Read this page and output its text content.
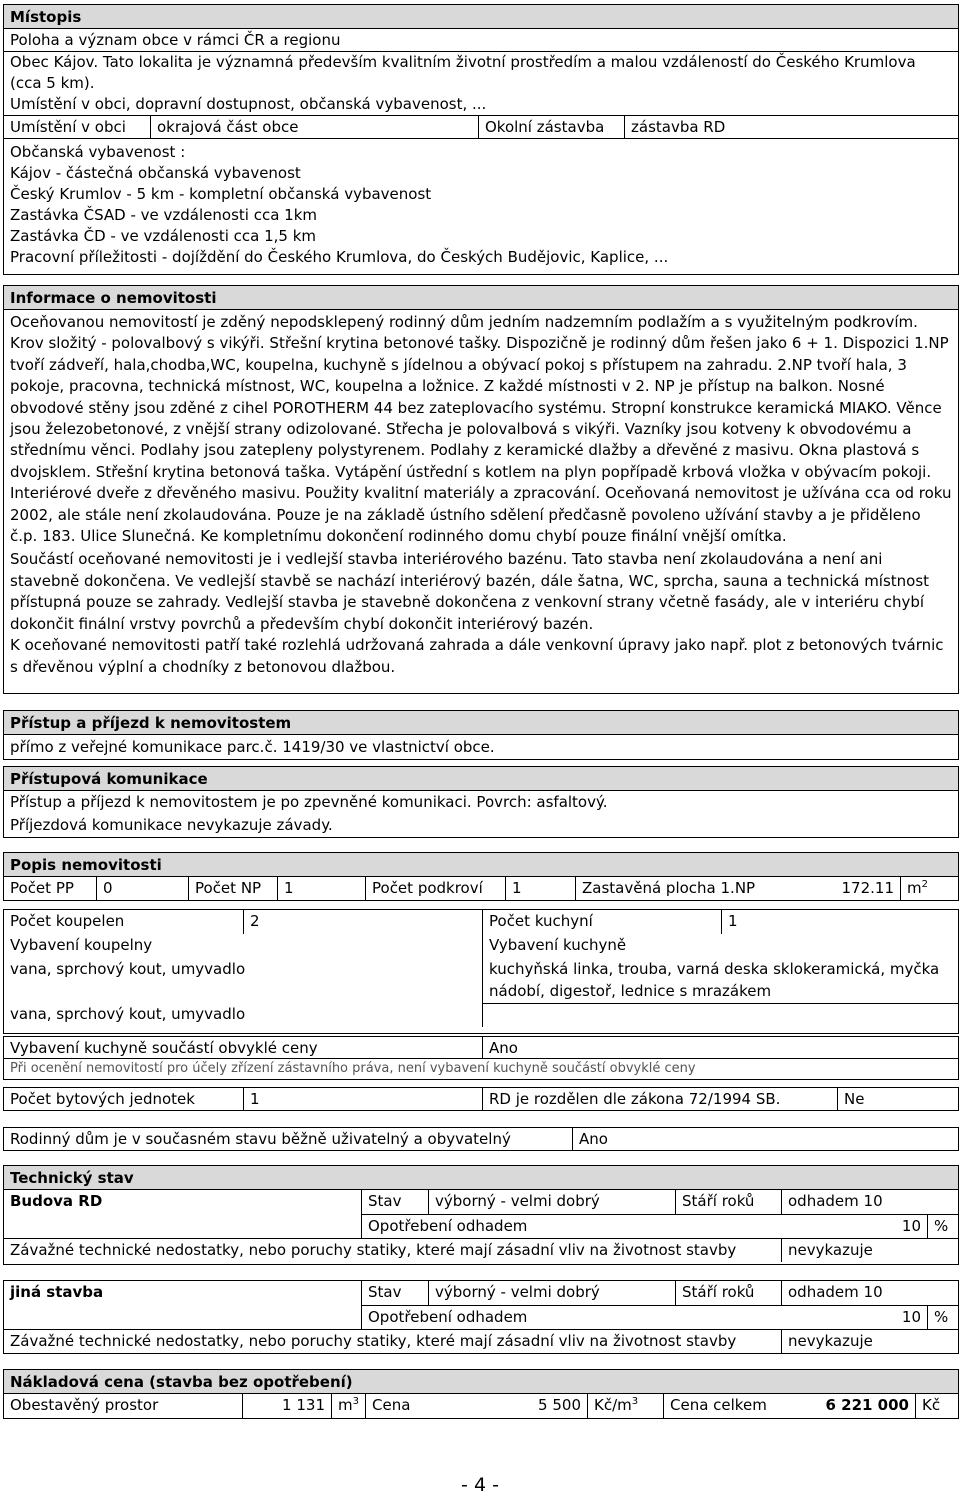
Místopis
Poloha a význam obce v rámci ČR a regionu
Obec Kájov. Tato lokalita je významná především kvalitním životní prostředím a malou vzdáleností do Českého Krumlova
(cca 5 km).
Umístění v obci, dopravní dostupnost, občanská vybavenost, ...
Umístění v obci	okrajová část obce	Okolní zástavba	zástavba RD
Občanská vybavenost :
Kájov - částečná občanská vybavenost
Český Krumlov - 5 km - kompletní občanská vybavenost
Zastávka ČSAD - ve vzdálenosti cca 1km
Zastávka ČD - ve vzdálenosti cca 1,5 km
Pracovní příležitosti - dojíždění do Českého Krumlova, do Českých Budějovic, Kaplice, ...
Informace o nemovitosti
Oceňovanou nemovitostí je zděný nepodsklepený rodinný dům jedním nadzemním podlažím a s využitelným podkrovím. Krov složitý - polovalbový s vikýři. Střešní krytina betonové tašky. Dispozičně je rodinný dům řešen jako 6 + 1. Dispozici 1.NP tvoří zádveří, hala,chodba,WC, koupelna, kuchyně s jídelnou a obývací pokoj s přístupem na zahradu. 2.NP tvoří hala, 3 pokoje, pracovna, technická místnost, WC, koupelna a ložnice. Z každé místnosti v 2. NP je přístup na balkon. Nosné obvodové stěny jsou zděné z cihel POROTHERM 44 bez zateplovacího systému. Stropní konstrukce keramická MIAKO. Věnce jsou železobetonové, z vnější strany odizolované. Střecha je polovalbová s vikýři. Vazníky jsou kotveny k obvodovému a střednímu věnci. Podlahy jsou zatepleny polystyrenem. Podlahy z keramické dlažby a dřevěné z masivu. Okna plastová s dvojsklem. Střešní krytina betonová taška. Vytápění ústřední s kotlem na plyn popřípadě krbová vložka v obývacím pokoji. Interiérové dveře z dřevěného masivu. Použity kvalitní materiály a zpracování. Oceňovaná nemovitost je užívána cca od roku 2002, ale stále není zkolaudována. Pouze je na základě ústního sdělení předčasně povoleno užívání stavby a je přiděleno č.p. 183. Ulice Slunečná. Ke kompletnímu dokončení rodinného domu chybí pouze finální vnější omítka.
Součástí oceňované nemovitosti je i vedlejší stavba interiérového bazénu. Tato stavba není zkolaudována a není ani stavebně dokončena. Ve vedlejší stavbě se nachází interiérový bazén, dále šatna, WC, sprcha, sauna a technická místnost přístupná pouze se zahrady. Vedlejší stavba je stavebně dokončena z venkovní strany včetně fasády, ale v interiéru chybí dokončit finální vrstvy povrchů a především chybí dokončit interiérový bazén.
K oceňované nemovitosti patří také rozlehlá udržovaná zahrada a dále venkovní úpravy jako např. plot z betonových tvárnic s dřevěnou výplní a chodníky z betonovou dlažbou.
Přístup a příjezd k nemovitostem
přímo z veřejné komunikace parc.č. 1419/30 ve vlastnictví obce.
Přístupová komunikace
Přístup a příjezd k nemovitostem je po zpevněné komunikaci. Povrch: asfaltový.
Příjezdová komunikace nevykazuje závady.
Popis nemovitosti
Počet PP	0	Počet NP	1	Počet podkroví	1	Zastavěná plocha 1.NP	172.11 $m^2$
Počet koupelen	2	Počet kuchyní	1
Vybavení koupelny	Vybavení kuchyně
vana, sprchový kout, umyvadlo	kuchyňská linka, trouba, varná deska sklokeramická, myčka
nádobí, digestoř, lednice s mrazákem
vana, sprchový kout, umyvadlo
Vybavení kuchyně součástí obvyklé ceny	Ano
Při ocenění nemovitostí pro účely zřízení zástavního práva, není vybavení kuchyně součástí obvyklé ceny
Počet bytových jednotek	1	RD je rozdělen dle zákona 72/1994 SB.	Ne
Rodinný dům je v současném stavu běžně uživatelný a obyvatelný	Ano
Technický stav
Budova RD	Stav	výborný - velmi dobrý	Stáří roků	odhadem 10
Opotřebení odhadem	10 %
Závažné technické nedostatky, nebo poruchy statiky, které mají zásadní vliv na životnost stavby	nevykazuje
jiná stavba	Stav	výborný - velmi dobrý	Stáří roků	odhadem 10
Opotřebení odhadem	10 %
Závažné technické nedostatky, nebo poruchy statiky, které mají zásadní vliv na životnost stavby	nevykazuje
Nákladová cena (stavba bez opotřebení)
Obestavěný prostor	1 131 $m^3$ Cena	5 500 $Kč/m^3$	Cena celkem	6 221 000 Kč
- 4 -
